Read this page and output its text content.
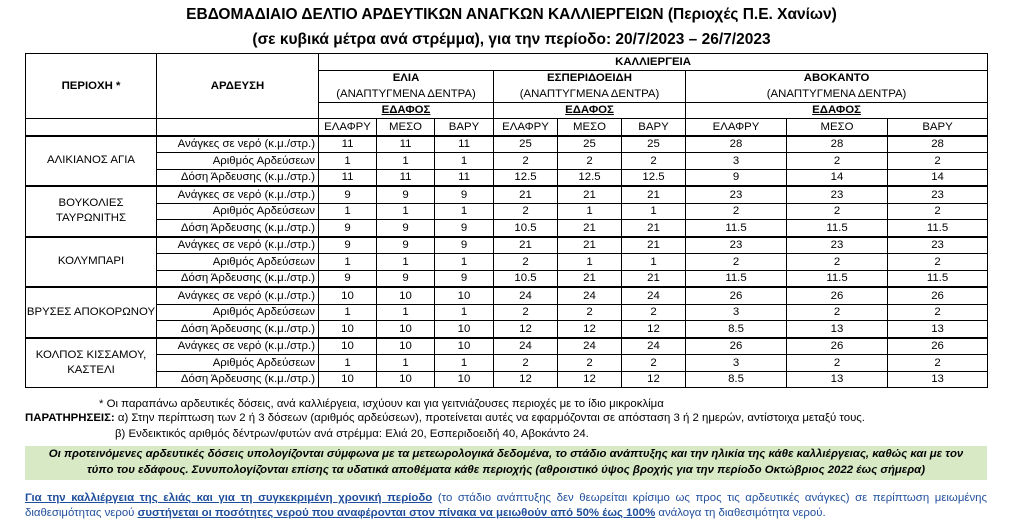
ΕΒΔΟΜΑΔΙΑΙΟ ΔΕΛΤΙΟ ΑΡΔΕΥΤΙΚΩΝ ΑΝΑΓΚΩΝ ΚΑΛΛΙΕΡΓΕΙΩΝ (Περιοχές Π.Ε. Χανίων)
(σε κυβικά μέτρα ανά στρέμμα), για την περίοδο: 20/7/2023 – 26/7/2023
ΠΕΡΙΟΧΗ *	ΑΡΔΕΥΣΗ	ΚΑΛΛΙΕΡΓΕΙΑ								
		ΕΛΙΑ			ΕΣΠΕΡΙΔΟΕΙΔΗ			ΑΒΟΚΑΝΤΟ		
		(ΑΝΑΠΤΥΓΜΕΝΑ ΔΕΝΤΡΑ)			(ΑΝΑΠΤΥΓΜΕΝΑ ΔΕΝΤΡΑ)			(ΑΝΑΠΤΥΓΜΕΝΑ ΔΕΝΤΡΑ)		
		ΕΔΑΦΟΣ			ΕΔΑΦΟΣ			ΕΔΑΦΟΣ		
		ΕΛΑΦΡΥ	ΜΕΣΟ	ΒΑΡΥ	ΕΛΑΦΡΥ	ΜΕΣΟ	ΒΑΡΥ	ΕΛΑΦΡΥ	ΜΕΣΟ	ΒΑΡΥ
ΑΛΙΚΙΑΝΟΣ ΑΓΙΑ	Ανάγκες σε νερό (κ.μ./στρ.)	11	11	11	25	25	25	28	28	28
	Αριθμός Αρδεύσεων	1	1	1	2	2	2	3	2	2
	Δόση Άρδευσης (κ.μ./στρ.)	11	11	11	12.5	12.5	12.5	9	14	14
ΒΟΥΚΟΛΙΕΣ ΤΑΥΡΩΝΙΤΗΣ	Ανάγκες σε νερό (κ.μ./στρ.)	9	9	9	21	21	21	23	23	23
	Αριθμός Αρδεύσεων	1	1	1	2	1	1	2	2	2
	Δόση Άρδευσης (κ.μ./στρ.)	9	9	9	10.5	21	21	11.5	11.5	11.5
ΚΟΛΥΜΠΑΡΙ	Ανάγκες σε νερό (κ.μ./στρ.)	9	9	9	21	21	21	23	23	23
	Αριθμός Αρδεύσεων	1	1	1	2	1	1	2	2	2
	Δόση Άρδευσης (κ.μ./στρ.)	9	9	9	10.5	21	21	11.5	11.5	11.5
ΒΡΥΣΕΣ ΑΠΟΚΟΡΩΝΟΥ	Ανάγκες σε νερό (κ.μ./στρ.)	10	10	10	24	24	24	26	26	26
	Αριθμός Αρδεύσεων	1	1	1	2	2	2	3	2	2
	Δόση Άρδευσης (κ.μ./στρ.)	10	10	10	12	12	12	8.5	13	13
ΚΟΛΠΟΣ ΚΙΣΣΑΜΟΥ, ΚΑΣΤΕΛΙ	Ανάγκες σε νερό (κ.μ./στρ.)	10	10	10	24	24	24	26	26	26
	Αριθμός Αρδεύσεων	1	1	1	2	2	2	3	2	2
	Δόση Άρδευσης (κ.μ./στρ.)	10	10	10	12	12	12	8.5	13	13
* Οι παραπάνω αρδευτικές δόσεις, ανά καλλιέργεια, ισχύουν και για γειτνιάζουσες περιοχές με το ίδιο μικροκλίμα
ΠΑΡΑΤΗΡΗΣΕΙΣ: α) Στην περίπτωση των 2 ή 3 δόσεων (αριθμός αρδεύσεων), προτείνεται αυτές να εφαρμόζονται σε απόσταση 3 ή 2 ημερών, αντίστοιχα μεταξύ τους.
β) Ενδεικτικός αριθμός δέντρων/φυτών ανά στρέμμα: Ελιά 20, Εσπεριδοειδή 40, Αβοκάντο 24.
Οι προτεινόμενες αρδευτικές δόσεις υπολογίζονται σύμφωνα με τα μετεωρολογικά δεδομένα, το στάδιο ανάπτυξης και την ηλικία της κάθε καλλιέργειας, καθώς και με τον
τύπο του εδάφους. Συνυπολογίζονται επίσης τα υδατικά αποθέματα κάθε περιοχής (αθροιστικό ύψος βροχής για την περίοδο Οκτώβριος 2022 έως σήμερα)
Για την καλλιέργεια της ελιάς και για τη συγκεκριμένη χρονική περίοδο (το στάδιο ανάπτυξης δεν θεωρείται κρίσιμο ως προς τις αρδευτικές ανάγκες) σε περίπτωση μειωμένης διαθεσιμότητας νερού συστήνεται οι ποσότητες νερού που αναφέρονται στον πίνακα να μειωθούν από 50% έως 100% ανάλογα τη διαθεσιμότητα νερού.
